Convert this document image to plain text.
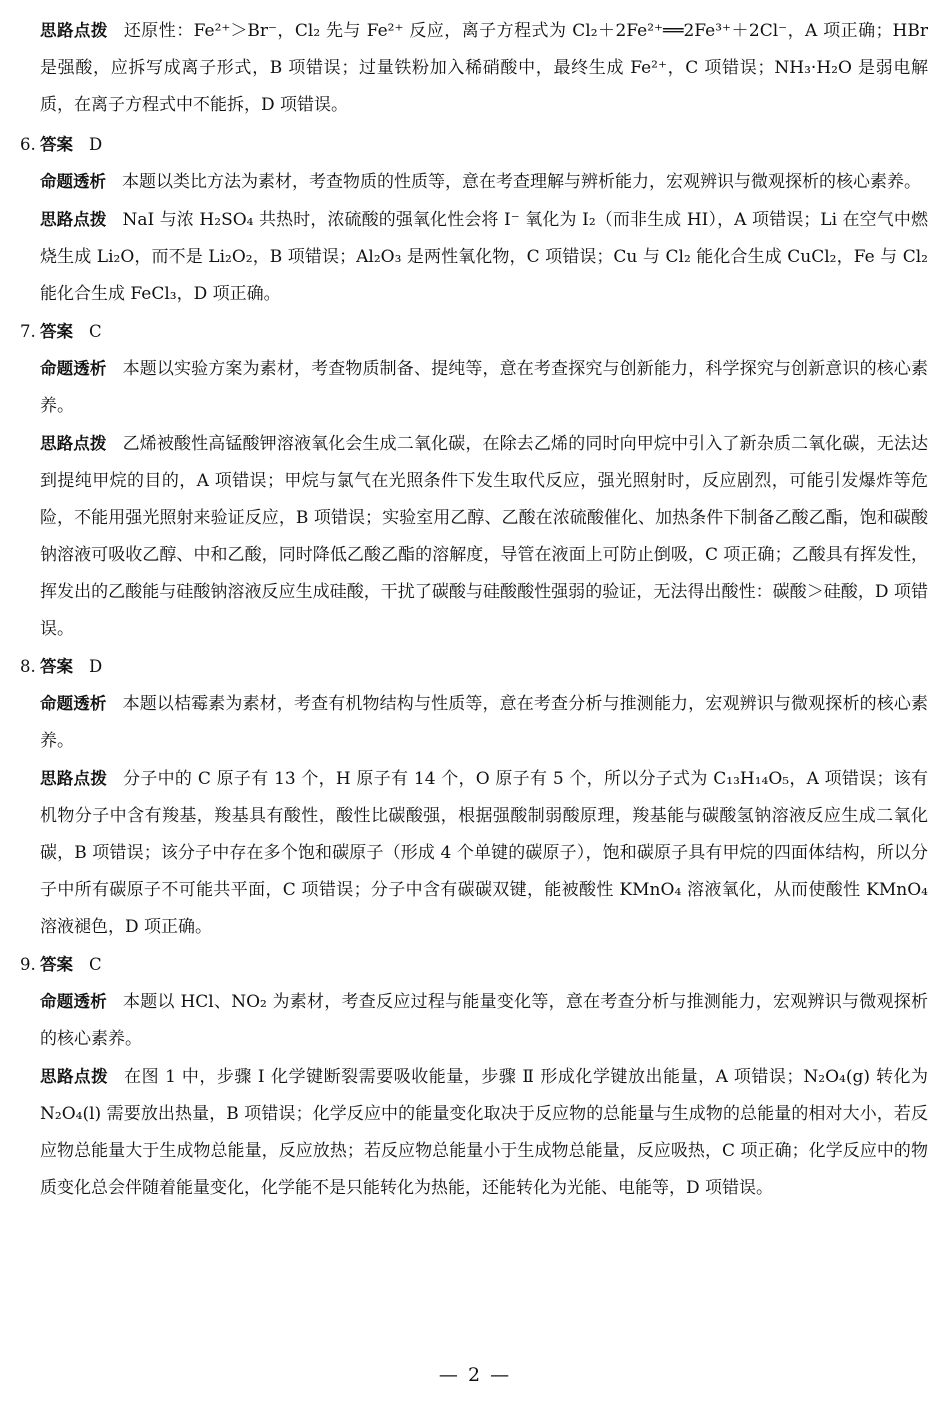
思路点拨 还原性：Fe²⁺＞Br⁻，Cl₂ 先与 Fe²⁺ 反应，离子方程式为 Cl₂＋2Fe²⁺══2Fe³⁺＋2Cl⁻，A 项正确；HBr 是强酸，应拆写成离子形式，B 项错误；过量铁粉加入稀硝酸中，最终生成 Fe²⁺，C 项错误；NH₃·H₂O 是弱电解质，在离子方程式中不能拆，D 项错误。

6. 答案 D

命题透析 本题以类比方法为素材，考查物质的性质等，意在考查理解与辨析能力，宏观辨识与微观探析的核心素养。

思路点拨 NaI 与浓 H₂SO₄ 共热时，浓硫酸的强氧化性会将 I⁻ 氧化为 I₂（而非生成 HI），A 项错误；Li 在空气中燃烧生成 Li₂O，而不是 Li₂O₂，B 项错误；Al₂O₃ 是两性氧化物，C 项错误；Cu 与 Cl₂ 能化合生成 CuCl₂，Fe 与 Cl₂ 能化合生成 FeCl₃，D 项正确。

7. 答案 C

命题透析 本题以实验方案为素材，考查物质制备、提纯等，意在考查探究与创新能力，科学探究与创新意识的核心素养。

思路点拨 乙烯被酸性高锰酸钾溶液氧化会生成二氧化碳，在除去乙烯的同时向甲烷中引入了新杂质二氧化碳，无法达到提纯甲烷的目的，A 项错误；甲烷与氯气在光照条件下发生取代反应，强光照射时，反应剧烈，可能引发爆炸等危险，不能用强光照射来验证反应，B 项错误；实验室用乙醇、乙酸在浓硫酸催化、加热条件下制备乙酸乙酯，饱和碳酸钠溶液可吸收乙醇、中和乙酸，同时降低乙酸乙酯的溶解度，导管在液面上可防止倒吸，C 项正确；乙酸具有挥发性，挥发出的乙酸能与硅酸钠溶液反应生成硅酸，干扰了碳酸与硅酸酸性强弱的验证，无法得出酸性：碳酸＞硅酸，D 项错误。

8. 答案 D

命题透析 本题以桔霉素为素材，考查有机物结构与性质等，意在考查分析与推测能力，宏观辨识与微观探析的核心素养。

思路点拨 分子中的 C 原子有 13 个，H 原子有 14 个，O 原子有 5 个，所以分子式为 C₁₃H₁₄O₅，A 项错误；该有机物分子中含有羧基，羧基具有酸性，酸性比碳酸强，根据强酸制弱酸原理，羧基能与碳酸氢钠溶液反应生成二氧化碳，B 项错误；该分子中存在多个饱和碳原子（形成 4 个单键的碳原子），饱和碳原子具有甲烷的四面体结构，所以分子中所有碳原子不可能共平面，C 项错误；分子中含有碳碳双键，能被酸性 KMnO₄ 溶液氧化，从而使酸性 KMnO₄ 溶液褪色，D 项正确。

9. 答案 C

命题透析 本题以 HCl、NO₂ 为素材，考查反应过程与能量变化等，意在考查分析与推测能力，宏观辨识与微观探析的核心素养。

思路点拨 在图 1 中，步骤 Ⅰ 化学键断裂需要吸收能量，步骤 Ⅱ 形成化学键放出能量，A 项错误；N₂O₄(g) 转化为 N₂O₄(l) 需要放出热量，B 项错误；化学反应中的能量变化取决于反应物的总能量与生成物的总能量的相对大小，若反应物总能量大于生成物总能量，反应放热；若反应物总能量小于生成物总能量，反应吸热，C 项正确；化学反应中的物质变化总会伴随着能量变化，化学能不是只能转化为热能，还能转化为光能、电能等，D 项错误。

— 2 —
